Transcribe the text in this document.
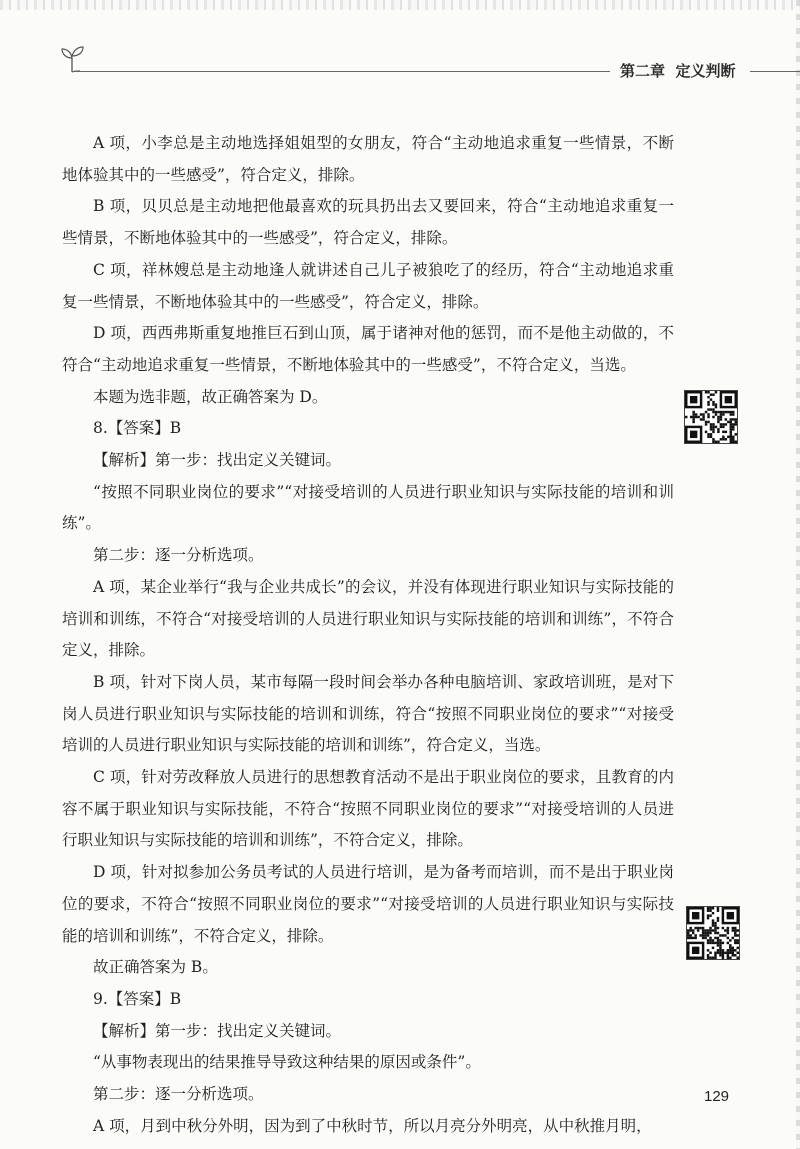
第二章  定义判断

A 项，小李总是主动地选择姐姐型的女朋友，符合“主动地追求重复一些情景，不断地体验其中的一些感受”，符合定义，排除。

B 项，贝贝总是主动地把他最喜欢的玩具扔出去又要回来，符合“主动地追求重复一些情景，不断地体验其中的一些感受”，符合定义，排除。

C 项，祥林嫂总是主动地逢人就讲述自己儿子被狼吃了的经历，符合“主动地追求重复一些情景，不断地体验其中的一些感受”，符合定义，排除。

D 项，西西弗斯重复地推巨石到山顶，属于诸神对他的惩罚，而不是他主动做的，不符合“主动地追求重复一些情景，不断地体验其中的一些感受”，不符合定义，当选。

本题为选非题，故正确答案为 D。

8.【答案】B

【解析】第一步：找出定义关键词。

“按照不同职业岗位的要求”“对接受培训的人员进行职业知识与实际技能的培训和训练”。

第二步：逐一分析选项。

A 项，某企业举行“我与企业共成长”的会议，并没有体现进行职业知识与实际技能的培训和训练，不符合“对接受培训的人员进行职业知识与实际技能的培训和训练”，不符合定义，排除。

B 项，针对下岗人员，某市每隔一段时间会举办各种电脑培训、家政培训班，是对下岗人员进行职业知识与实际技能的培训和训练，符合“按照不同职业岗位的要求”“对接受培训的人员进行职业知识与实际技能的培训和训练”，符合定义，当选。

C 项，针对劳改释放人员进行的思想教育活动不是出于职业岗位的要求，且教育的内容不属于职业知识与实际技能，不符合“按照不同职业岗位的要求”“对接受培训的人员进行职业知识与实际技能的培训和训练”，不符合定义，排除。

D 项，针对拟参加公务员考试的人员进行培训，是为备考而培训，而不是出于职业岗位的要求，不符合“按照不同职业岗位的要求”“对接受培训的人员进行职业知识与实际技能的培训和训练”，不符合定义，排除。

故正确答案为 B。

9.【答案】B

【解析】第一步：找出定义关键词。

“从事物表现出的结果推导导致这种结果的原因或条件”。

第二步：逐一分析选项。

A 项，月到中秋分外明，因为到了中秋时节，所以月亮分外明亮，从中秋推月明，

129
